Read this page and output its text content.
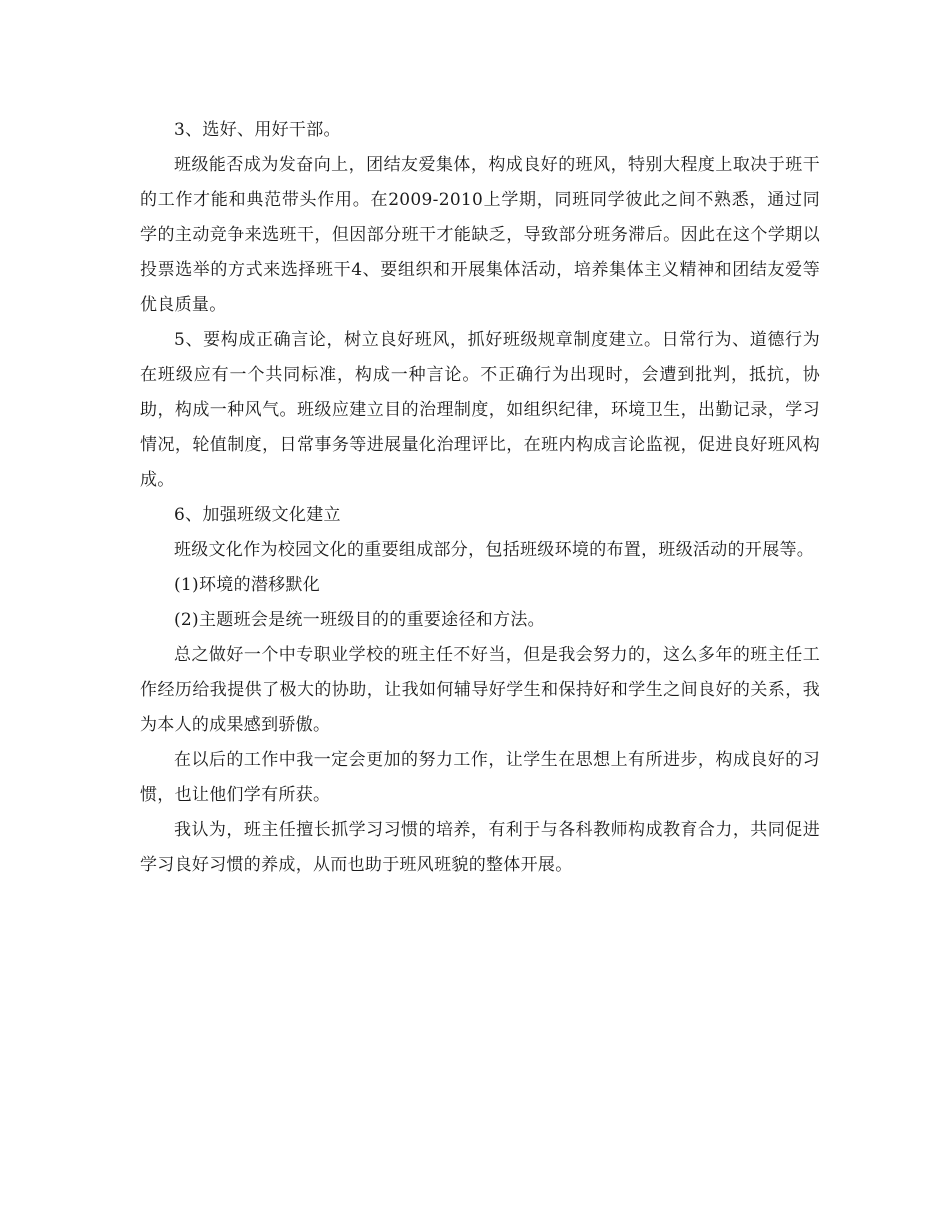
3、选好、用好干部。

班级能否成为发奋向上，团结友爱集体，构成良好的班风，特别大程度上取决于班干的工作才能和典范带头作用。在2009-2010上学期，同班同学彼此之间不熟悉，通过同学的主动竞争来选班干，但因部分班干才能缺乏，导致部分班务滞后。因此在这个学期以投票选举的方式来选择班干4、要组织和开展集体活动，培养集体主义精神和团结友爱等优良质量。

5、要构成正确言论，树立良好班风，抓好班级规章制度建立。日常行为、道德行为在班级应有一个共同标准，构成一种言论。不正确行为出现时，会遭到批判，抵抗，协助，构成一种风气。班级应建立目的治理制度，如组织纪律，环境卫生，出勤记录，学习情况，轮值制度，日常事务等进展量化治理评比，在班内构成言论监视，促进良好班风构成。

6、加强班级文化建立

班级文化作为校园文化的重要组成部分，包括班级环境的布置，班级活动的开展等。

(1)环境的潜移默化

(2)主题班会是统一班级目的的重要途径和方法。

总之做好一个中专职业学校的班主任不好当，但是我会努力的，这么多年的班主任工作经历给我提供了极大的协助，让我如何辅导好学生和保持好和学生之间良好的关系，我为本人的成果感到骄傲。

在以后的工作中我一定会更加的努力工作，让学生在思想上有所进步，构成良好的习惯，也让他们学有所获。

我认为，班主任擅长抓学习习惯的培养，有利于与各科教师构成教育合力，共同促进学习良好习惯的养成，从而也助于班风班貌的整体开展。
